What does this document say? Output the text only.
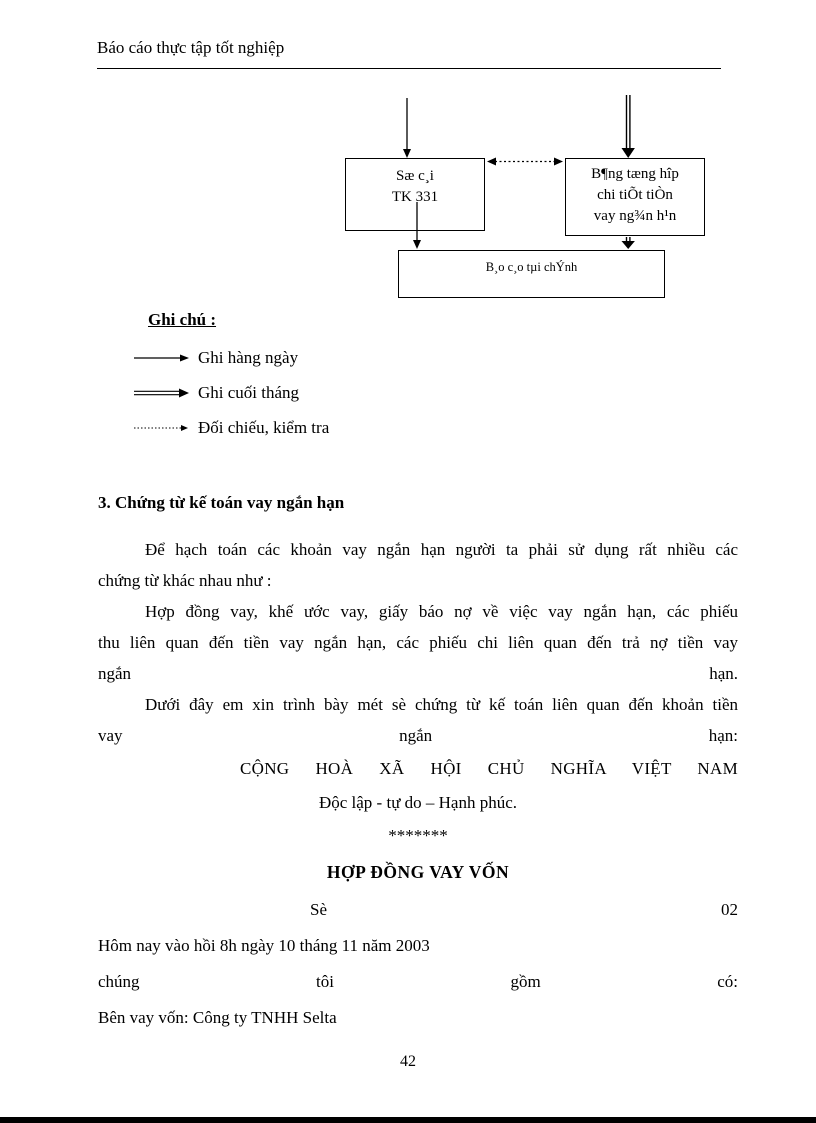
Báo cáo thực tập tốt nghiệp
Sæ c¸i
TK 331
B¶ng tæng hîp
chi tiÕt tiÒn
vay ng¾n h¹n
B¸o c¸o tµi chÝnh
Ghi chú :
Ghi hàng ngày
Ghi cuối tháng
Đối chiếu, kiểm tra
3. Chứng từ kế toán vay ngắn hạn
Để hạch toán các khoản vay ngắn hạn người ta phải sử dụng rất nhiều các
chứng từ khác nhau như :
Hợp đồng vay, khế ước vay, giấy báo nợ về việc vay ngắn hạn, các phiếu
thu liên quan đến tiền vay ngắn hạn, các phiếu chi liên quan đến trả nợ tiền vay
ngắn hạn.
Dưới đây em xin trình bày mét sè chứng từ kế toán liên quan đến khoản tiền
vay ngắn hạn:
CỘNG HOÀ XÃ HỘI CHỦ NGHĨA VIỆT NAM
Độc lập - tự do – Hạnh phúc.
*******
HỢP ĐỒNG VAY VỐN
Sè	02
Hôm nay vào hồi 8h ngày 10 tháng 11 năm 2003
chúng tôi gồm có:
Bên vay vốn: Công ty TNHH Selta
42
